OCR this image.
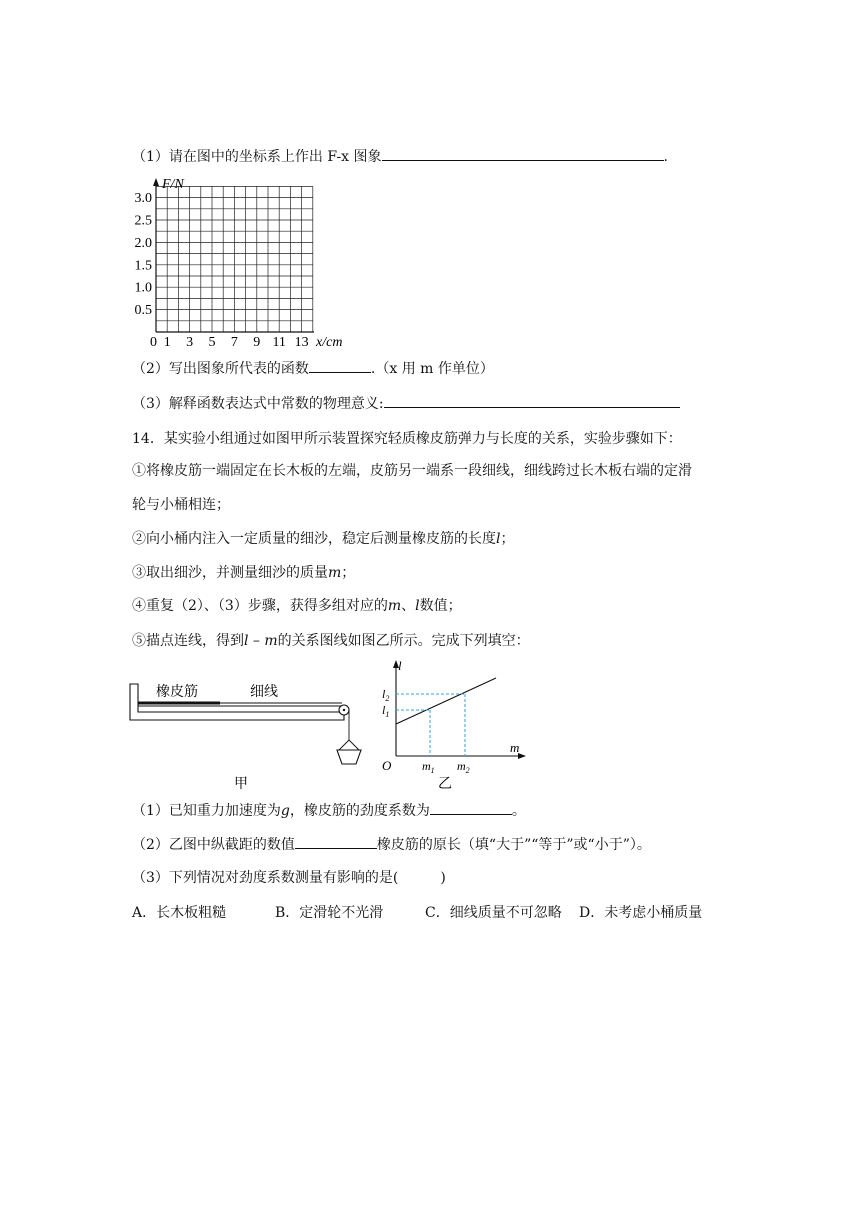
（1）请在图中的坐标系上作出 F-x 图象	.
F/N
0	x/cm
0.5
1.0
1.5
2.0
2.5
3.0
1 3 5 7 9 11 13
（2）写出图象所代表的函数	.（x 用 m 作单位）
（3）解释函数表达式中常数的物理意义:
14．某实验小组通过如图甲所示装置探究轻质橡皮筋弹力与长度的关系，实验步骤如下：
①将橡皮筋一端固定在长木板的左端，皮筋另一端系一段细线，细线跨过长木板右端的定滑
轮与小桶相连；
②向小桶内注入一定质量的细沙，稳定后测量橡皮筋的长度l；
③取出细沙，并测量细沙的质量m；
④重复（2）、（3）步骤，获得多组对应的m、l数值；
⑤描点连线，得到l – m的关系图线如图乙所示。完成下列填空：
橡皮筋	细线
甲
l
m
O
$l_2$
$l_1$
$m_1$ $m_2$
乙
（1）已知重力加速度为g，橡皮筋的劲度系数为	。
（2）乙图中纵截距的数值	橡皮筋的原长（填“大于”“等于”或“小于”）。
（3）下列情况对劲度系数测量有影响的是(　　　)
A．长木板粗糙	B．定滑轮不光滑	C．细线质量不可忽略 D．未考虑小桶质量
